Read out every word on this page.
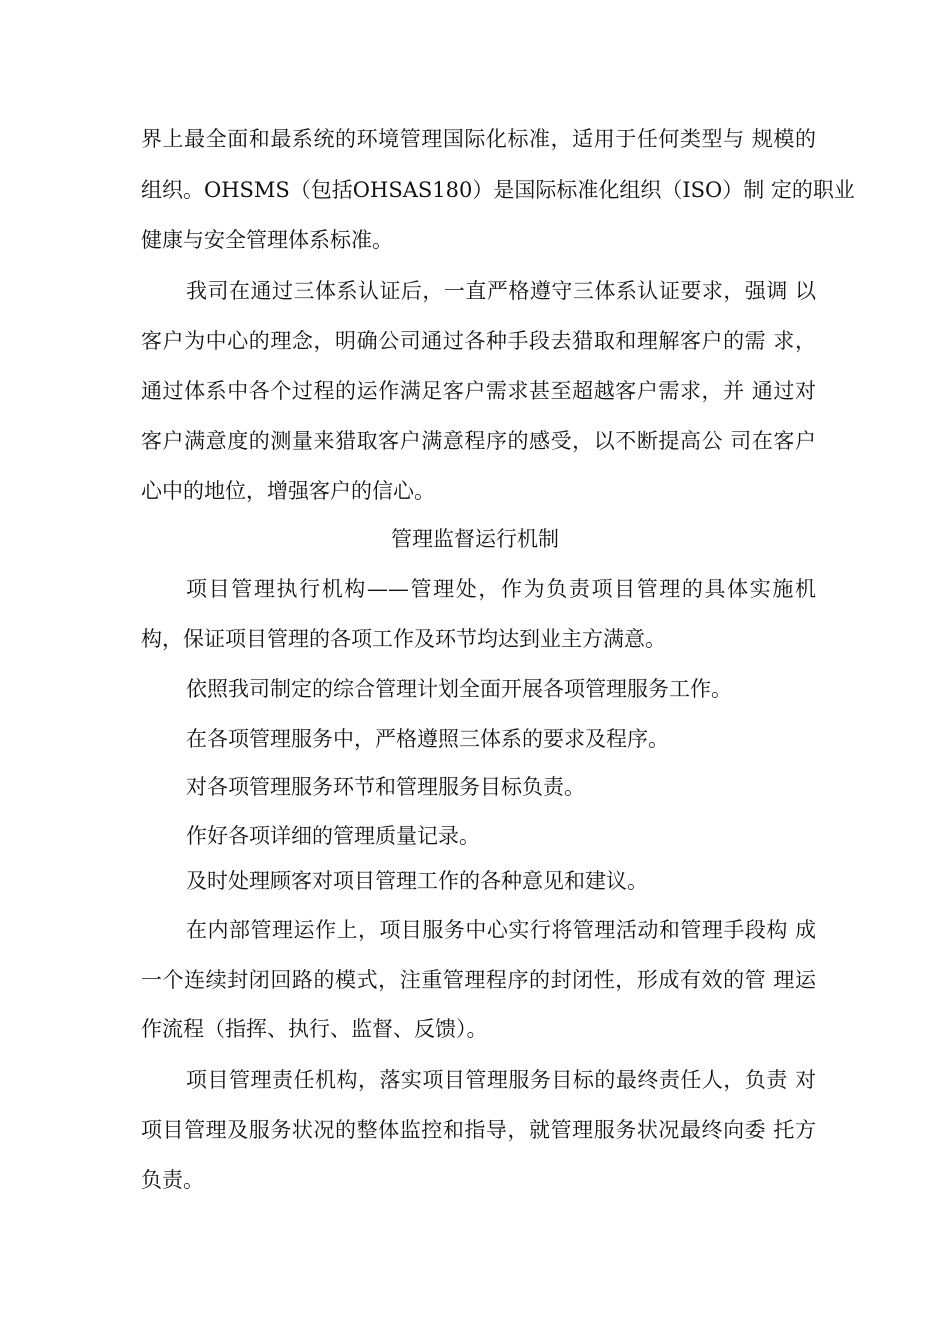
界上最全面和最系统的环境管理国际化标准，适用于任何类型与 规模的
组织。OHSMS（包括OHSAS180）是国际标准化组织（ISO）制 定的职业
健康与安全管理体系标准。
我司在通过三体系认证后，一直严格遵守三体系认证要求，强调 以
客户为中心的理念，明确公司通过各种手段去猎取和理解客户的需 求，
通过体系中各个过程的运作满足客户需求甚至超越客户需求，并 通过对
客户满意度的测量来猎取客户满意程序的感受，以不断提高公 司在客户
心中的地位，增强客户的信心。
管理监督运行机制
项目管理执行机构——管理处，作为负责项目管理的具体实施机
构，保证项目管理的各项工作及环节均达到业主方满意。
依照我司制定的综合管理计划全面开展各项管理服务工作。
在各项管理服务中，严格遵照三体系的要求及程序。
对各项管理服务环节和管理服务目标负责。
作好各项详细的管理质量记录。
及时处理顾客对项目管理工作的各种意见和建议。
在内部管理运作上，项目服务中心实行将管理活动和管理手段构 成
一个连续封闭回路的模式，注重管理程序的封闭性，形成有效的管 理运
作流程（指挥、执行、监督、反馈）。
项目管理责任机构，落实项目管理服务目标的最终责任人，负责 对
项目管理及服务状况的整体监控和指导，就管理服务状况最终向委 托方
负责。
